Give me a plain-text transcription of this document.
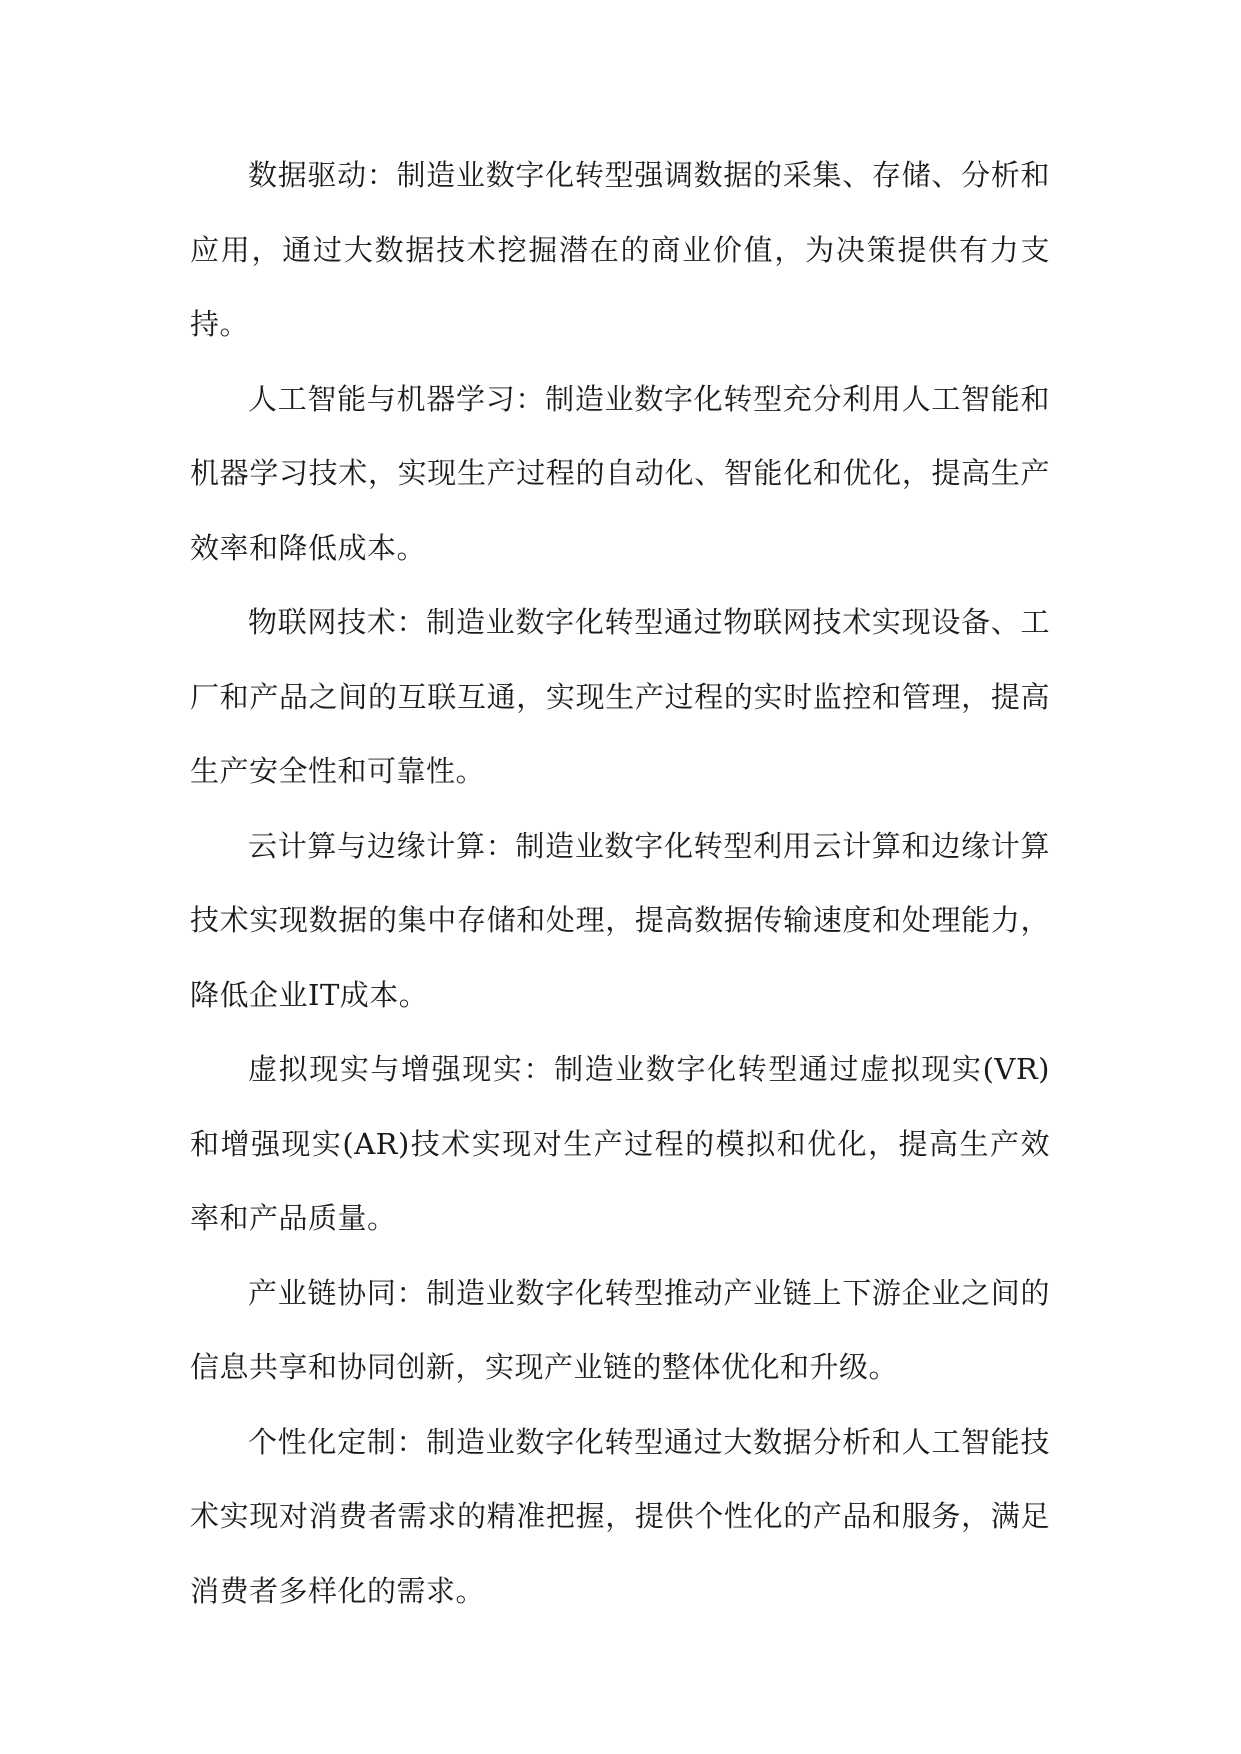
数据驱动：制造业数字化转型强调数据的采集、存储、分析和应用，通过大数据技术挖掘潜在的商业价值，为决策提供有力支持。

人工智能与机器学习：制造业数字化转型充分利用人工智能和机器学习技术，实现生产过程的自动化、智能化和优化，提高生产效率和降低成本。

物联网技术：制造业数字化转型通过物联网技术实现设备、工厂和产品之间的互联互通，实现生产过程的实时监控和管理，提高生产安全性和可靠性。

云计算与边缘计算：制造业数字化转型利用云计算和边缘计算技术实现数据的集中存储和处理，提高数据传输速度和处理能力，降低企业IT成本。

虚拟现实与增强现实：制造业数字化转型通过虚拟现实(VR)和增强现实(AR)技术实现对生产过程的模拟和优化，提高生产效率和产品质量。

产业链协同：制造业数字化转型推动产业链上下游企业之间的信息共享和协同创新，实现产业链的整体优化和升级。

个性化定制：制造业数字化转型通过大数据分析和人工智能技术实现对消费者需求的精准把握，提供个性化的产品和服务，满足消费者多样化的需求。
